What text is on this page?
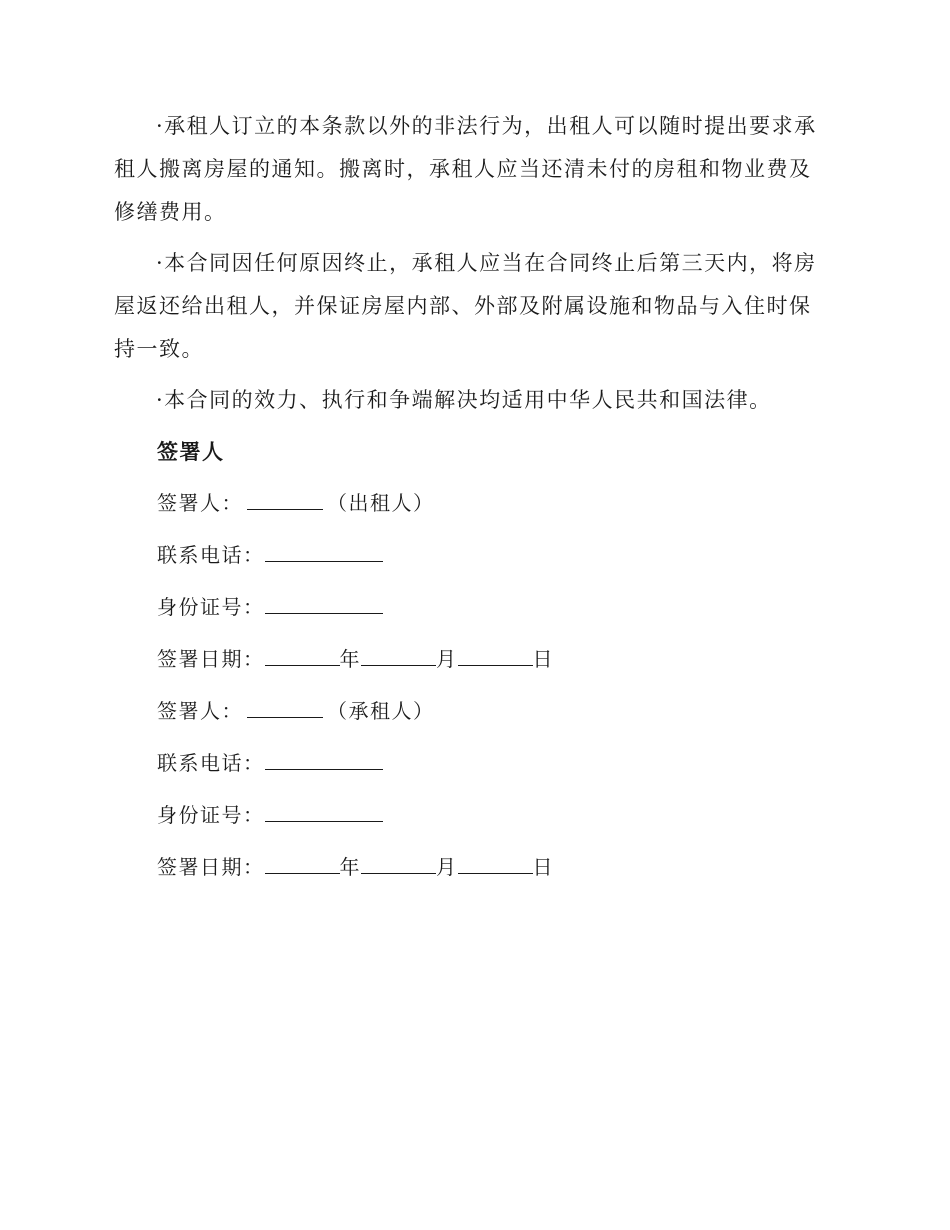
·承租人订立的本条款以外的非法行为，出租人可以随时提出要求承租人搬离房屋的通知。搬离时，承租人应当还清未付的房租和物业费及修缮费用。

·本合同因任何原因终止，承租人应当在合同终止后第三天内，将房屋返还给出租人，并保证房屋内部、外部及附属设施和物品与入住时保持一致。

·本合同的效力、执行和争端解决均适用中华人民共和国法律。

签署人

签署人：	（出租人）
联系电话：
身份证号：
签署日期：	年	月	日
签署人：	（承租人）
联系电话：
身份证号：
签署日期：	年	月	日
